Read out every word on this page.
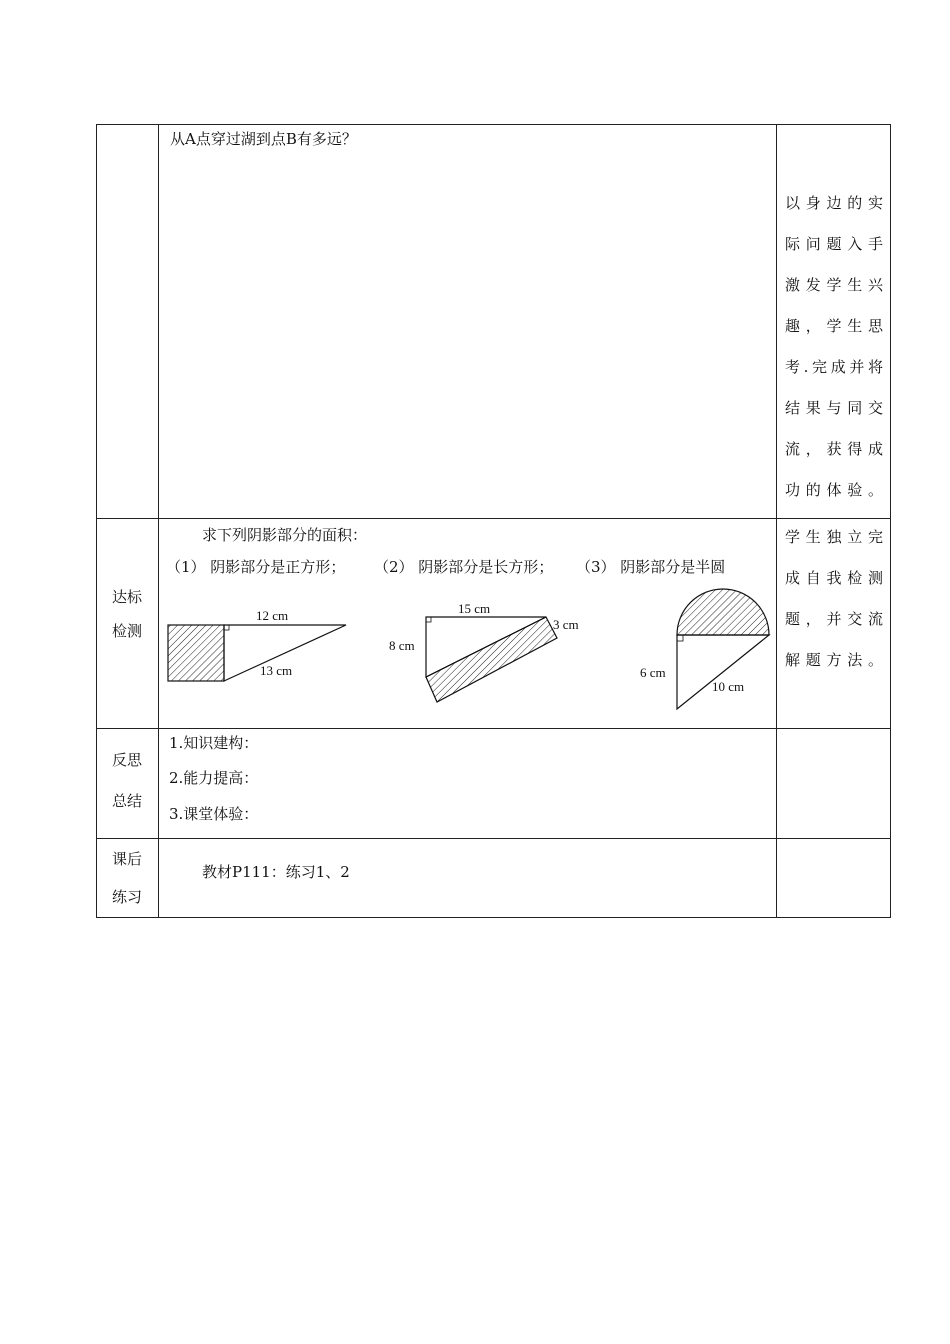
从A点穿过湖到点B有多远？
以身边的实
际问题入手
激发学生兴
趣，学生思
考.完成并将
结果与同交
流，获得成
功的体验。
达标
检测
求下列阴影部分的面积：
（1） 阴影部分是正方形； （2） 阴影部分是长方形； （3） 阴影部分是半圆
12 cm
13 cm
15 cm
3 cm
8 cm
6 cm
10 cm
学生独立完
成自我检测
题，并交流
解题方法。
反思
总结
1.知识建构：
2.能力提高：
3.课堂体验：
课后
练习
教材P111：练习1、2
